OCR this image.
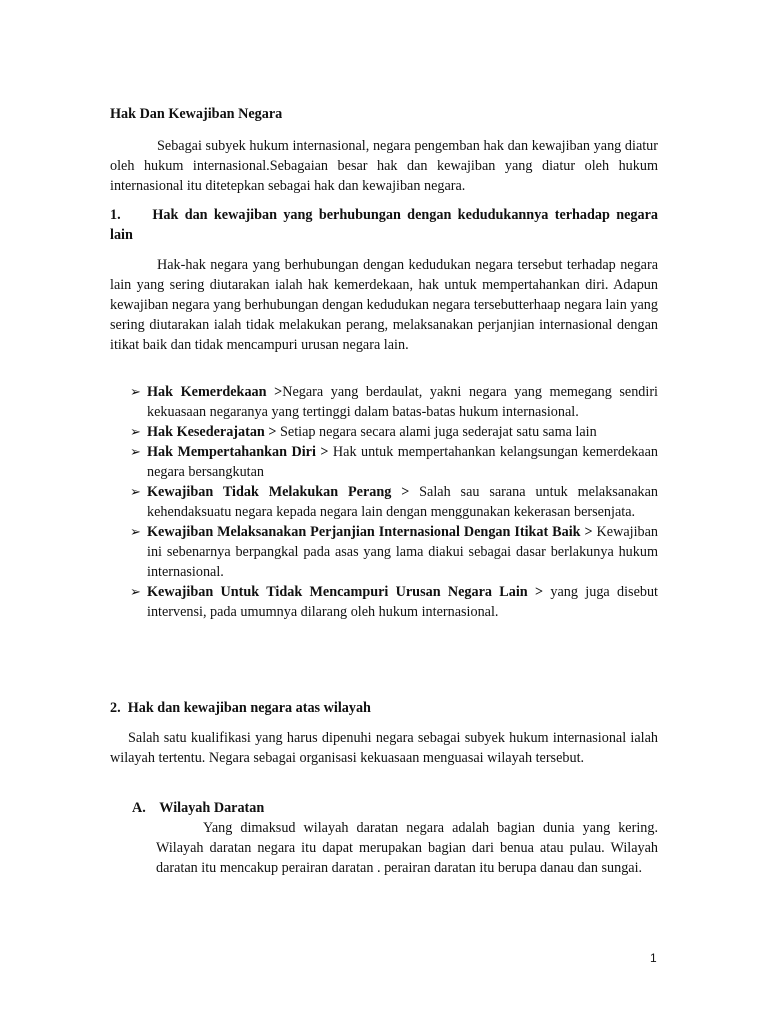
Hak Dan Kewajiban Negara
Sebagai subyek hukum internasional, negara pengemban hak dan kewajiban yang diatur oleh hukum internasional.Sebagaian besar hak dan kewajiban yang diatur oleh hukum internasional itu ditetepkan sebagai hak dan kewajiban negara.
1. Hak dan kewajiban yang berhubungan dengan kedudukannya terhadap negara lain
Hak-hak negara yang berhubungan dengan kedudukan negara tersebut terhadap negara lain yang sering diutarakan ialah hak kemerdekaan, hak untuk mempertahankan diri. Adapun kewajiban negara yang berhubungan dengan kedudukan negara tersebutterhaap negara lain yang sering diutarakan ialah tidak melakukan perang, melaksanakan perjanjian internasional dengan itikat baik dan tidak mencampuri urusan negara lain.
➢ Hak Kemerdekaan >Negara yang berdaulat, yakni negara yang memegang sendiri kekuasaan negaranya yang tertinggi dalam batas-batas hukum internasional.
➢ Hak Kesederajatan > Setiap negara secara alami juga sederajat satu sama lain
➢ Hak Mempertahankan Diri > Hak untuk mempertahankan kelangsungan kemerdekaan negara bersangkutan
➢ Kewajiban Tidak Melakukan Perang > Salah sau sarana untuk melaksanakan kehendaksuatu negara kepada negara lain dengan menggunakan kekerasan bersenjata.
➢ Kewajiban Melaksanakan Perjanjian Internasional Dengan Itikat Baik > Kewajiban ini sebenarnya berpangkal pada asas yang lama diakui sebagai dasar berlakunya hukum internasional.
➢ Kewajiban Untuk Tidak Mencampuri Urusan Negara Lain > yang juga disebut intervensi, pada umumnya dilarang oleh hukum internasional.
2. Hak dan kewajiban negara atas wilayah
Salah satu kualifikasi yang harus dipenuhi negara sebagai subyek hukum internasional ialah wilayah tertentu. Negara sebagai organisasi kekuasaan menguasai wilayah tersebut.
A. Wilayah Daratan
Yang dimaksud wilayah daratan negara adalah bagian dunia yang kering. Wilayah daratan negara itu dapat merupakan bagian dari benua atau pulau. Wilayah daratan itu mencakup perairan daratan . perairan daratan itu berupa danau dan sungai.
1
